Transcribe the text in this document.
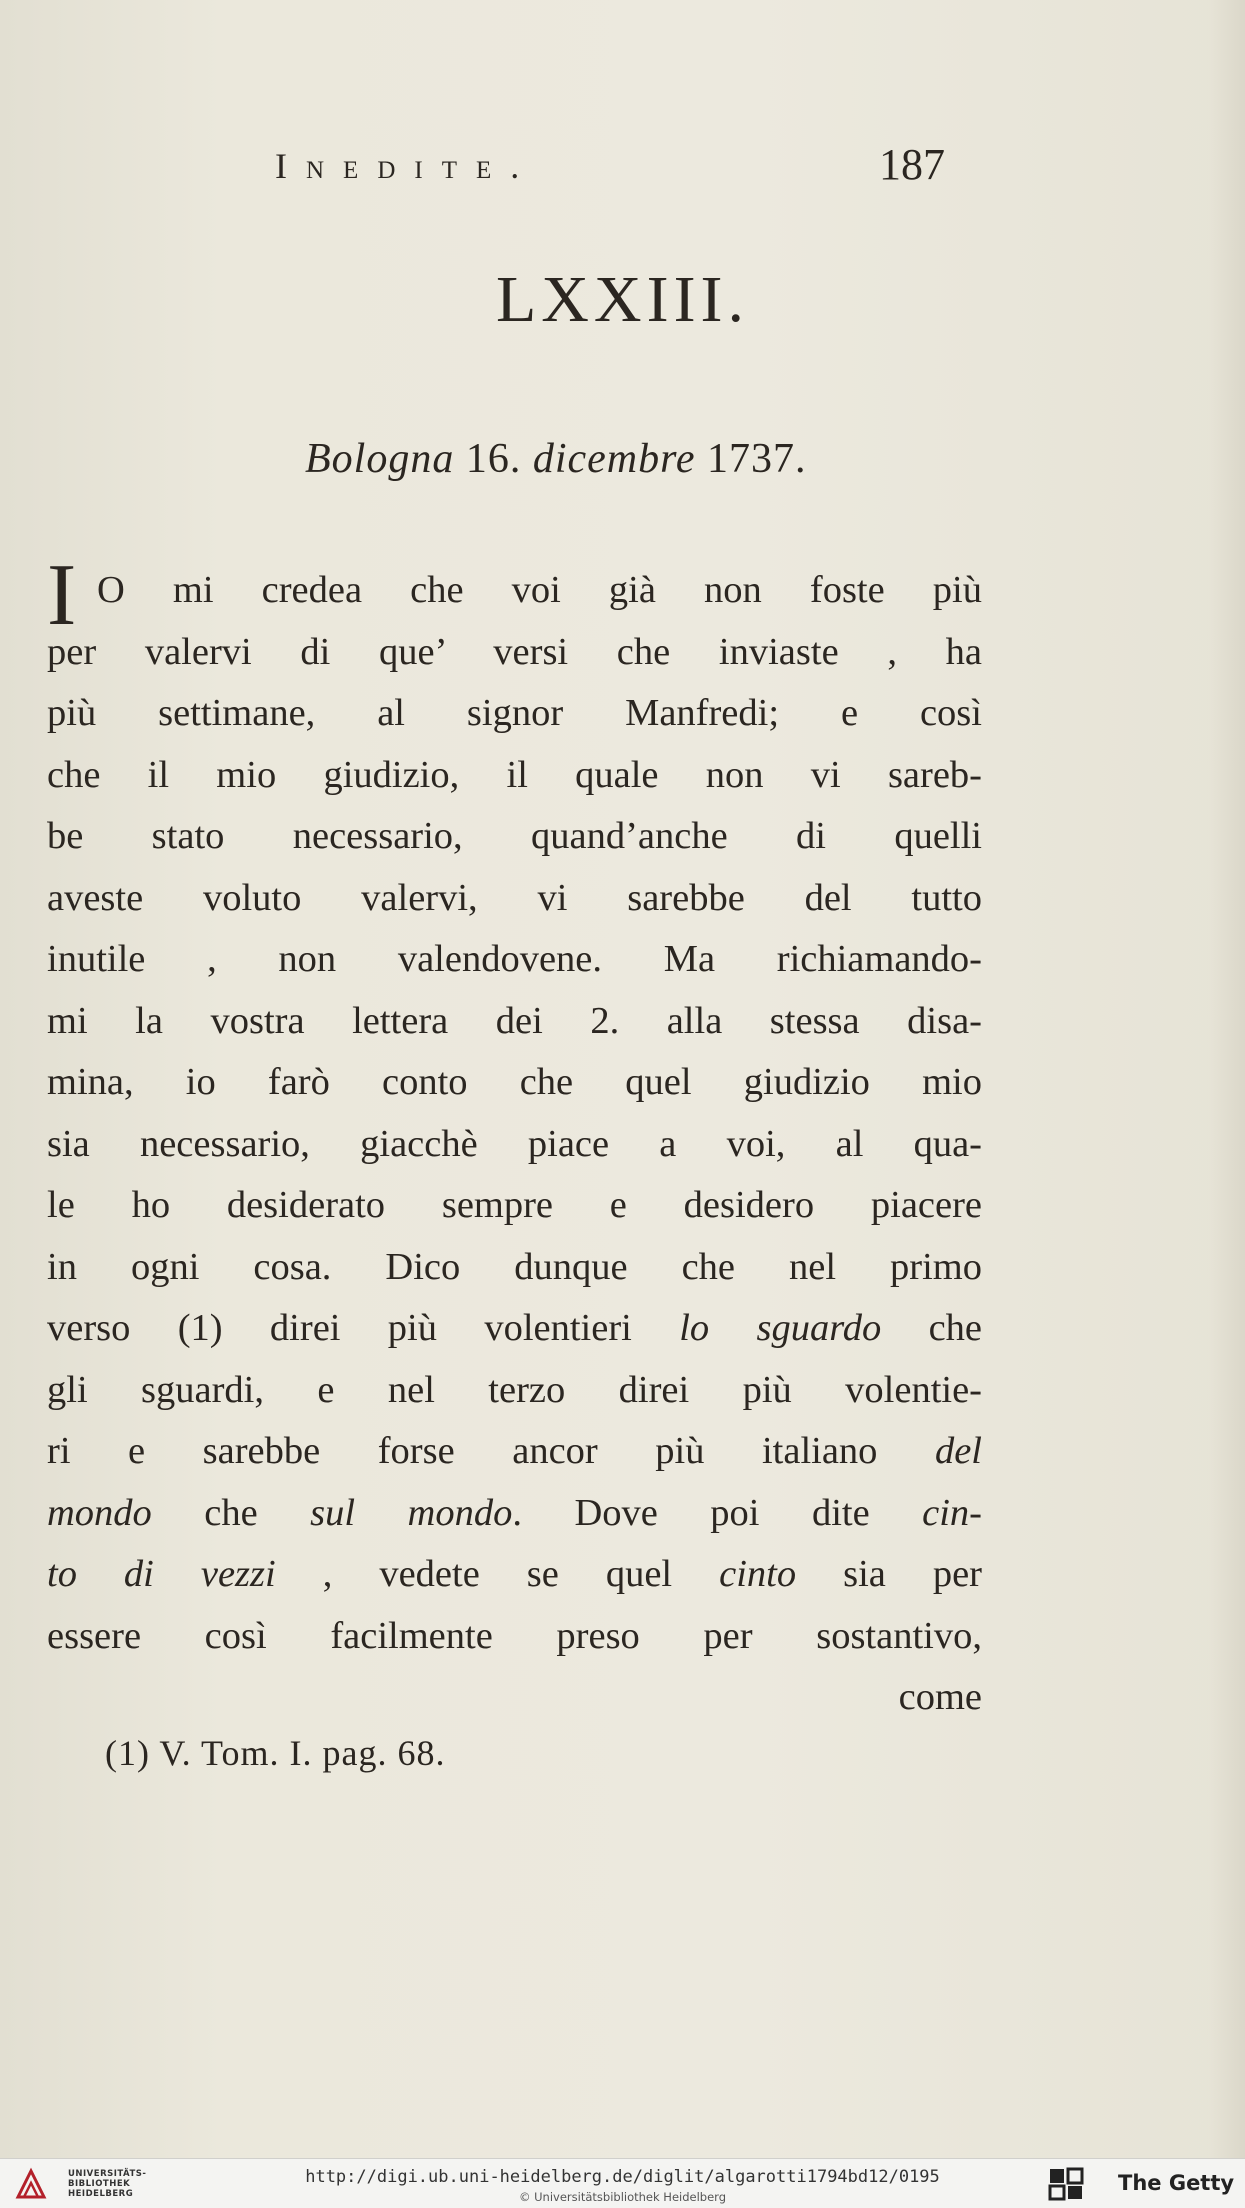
Inedite.	187
LXXIII.
Bologna 16. dicembre 1737.
I O mi credea che voi già non foste più
per valervi di que’ versi che inviaste , ha
più settimane, al signor Manfredi; e così
che il mio giudizio, il quale non vi sareb-
be stato necessario, quand’anche di quelli
aveste voluto valervi, vi sarebbe del tutto
inutile , non valendovene. Ma richiamando-
mi la vostra lettera dei 2. alla stessa disa-
mina, io farò conto che quel giudizio mio
sia necessario, giacchè piace a voi, al qua-
le ho desiderato sempre e desidero piacere
in ogni cosa. Dico dunque che nel primo
verso (1) direi più volentieri lo sguardo che
gli sguardi, e nel terzo direi più volentie-
ri e sarebbe forse ancor più italiano del
mondo che sul mondo. Dove poi dite cin-
to di vezzi , vedete se quel cinto sia per
essere così facilmente preso per sostantivo,
come
(1) V. Tom. I. pag. 68.
UNIVERSITÄTS-
BIBLIOTHEK
HEIDELBERG
http://digi.ub.uni-heidelberg.de/diglit/algarotti1794bd12/0195
© Universitätsbibliothek Heidelberg
The Getty
